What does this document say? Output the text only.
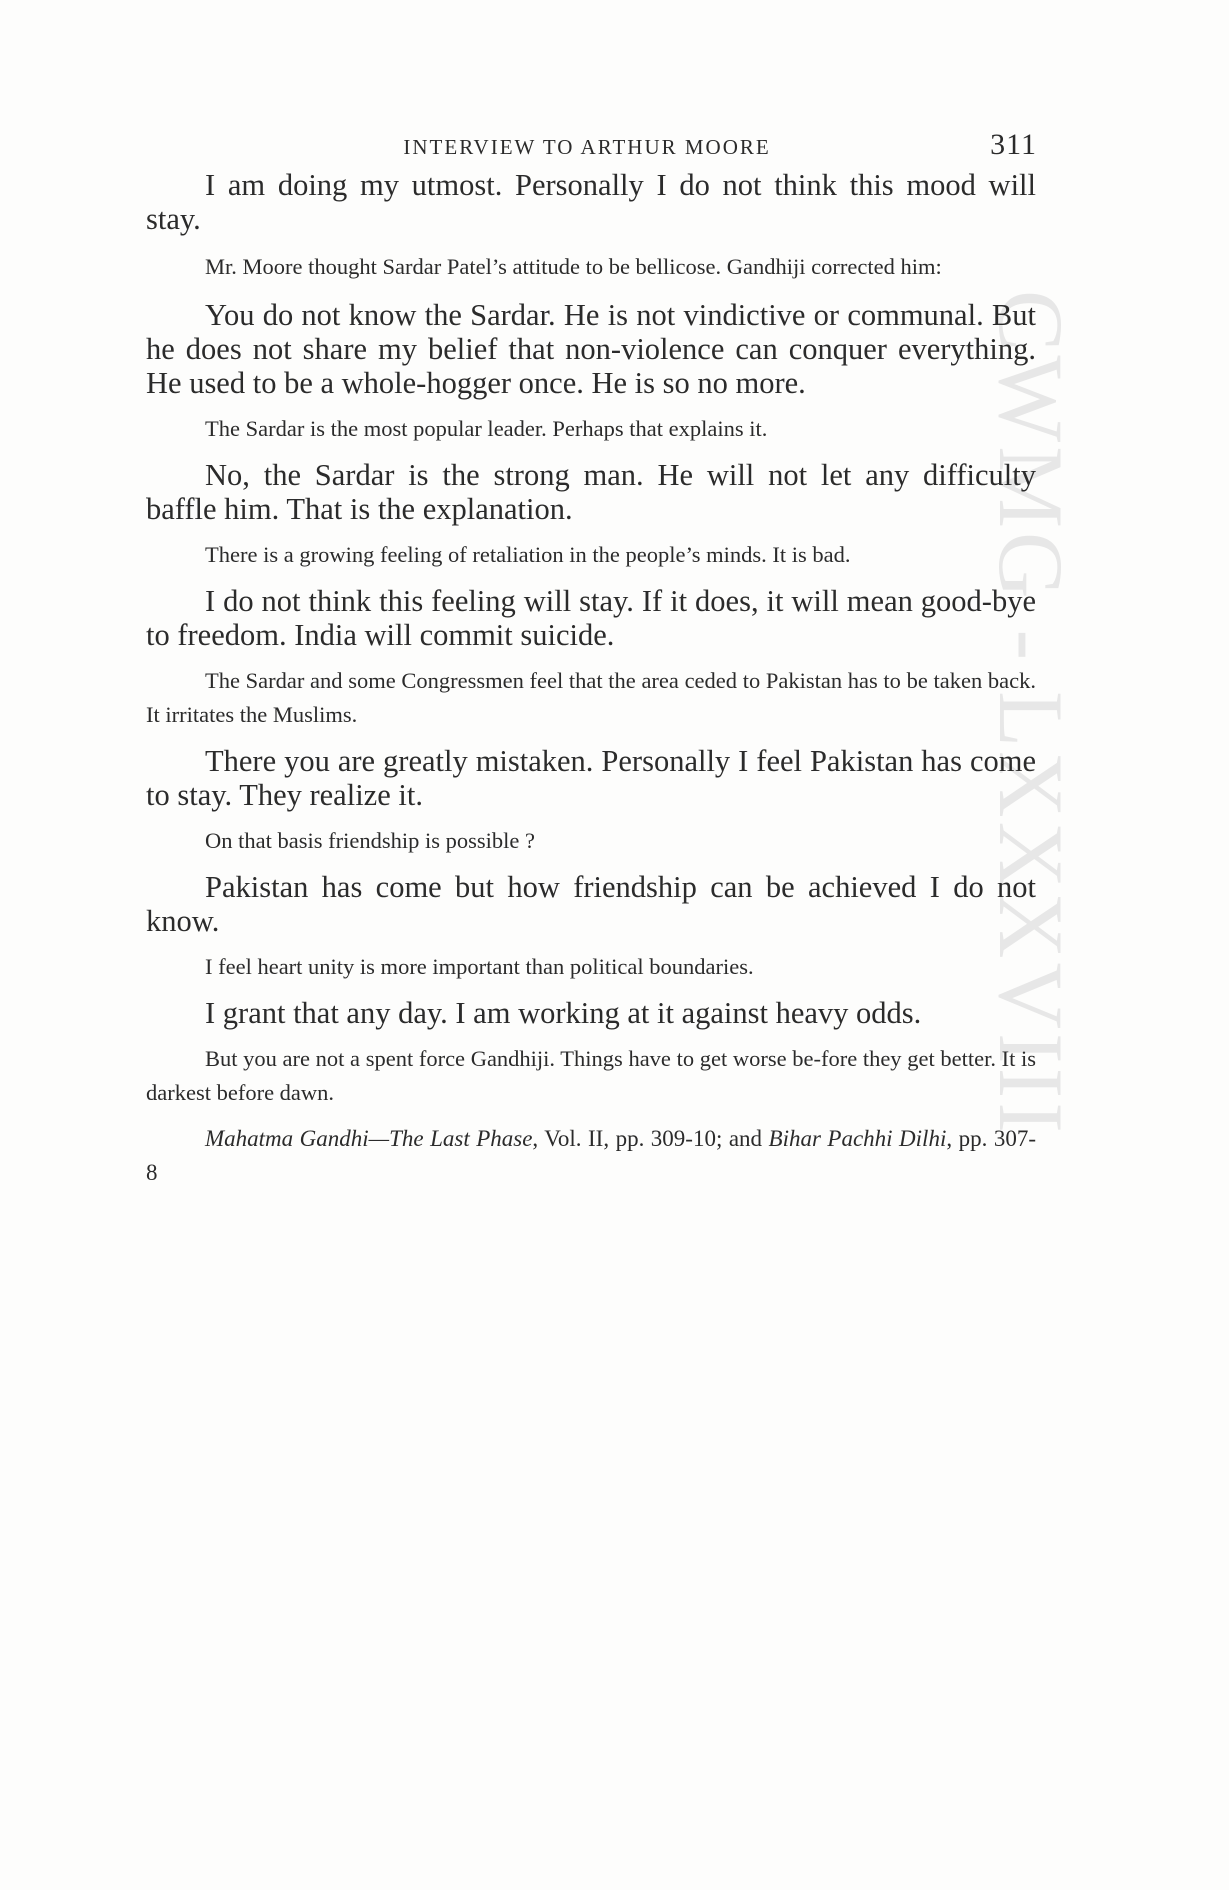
CWMG - LXXXVIII
INTERVIEW TO ARTHUR MOORE	311

I am doing my utmost. Personally I do not think this mood will stay.

Mr. Moore thought Sardar Patel’s attitude to be bellicose. Gandhiji corrected him:

You do not know the Sardar. He is not vindictive or communal. But he does not share my belief that non-violence can conquer everything. He used to be a whole-hogger once. He is so no more.

The Sardar is the most popular leader. Perhaps that explains it.

No, the Sardar is the strong man. He will not let any difficulty baffle him. That is the explanation.

There is a growing feeling of retaliation in the people’s minds. It is bad.

I do not think this feeling will stay. If it does, it will mean good-bye to freedom. India will commit suicide.

The Sardar and some Congressmen feel that the area ceded to Pakistan has to be taken back. It irritates the Muslims.

There you are greatly mistaken. Personally I feel Pakistan has come to stay. They realize it.

On that basis friendship is possible ?

Pakistan has come but how friendship can be achieved I do not know.

I feel heart unity is more important than political boundaries.

I grant that any day. I am working at it against heavy odds.

But you are not a spent force Gandhiji. Things have to get worse be-fore they get better. It is darkest before dawn.

Mahatma Gandhi—The Last Phase, Vol. II, pp. 309-10; and Bihar Pachhi Dilhi, pp. 307-8
